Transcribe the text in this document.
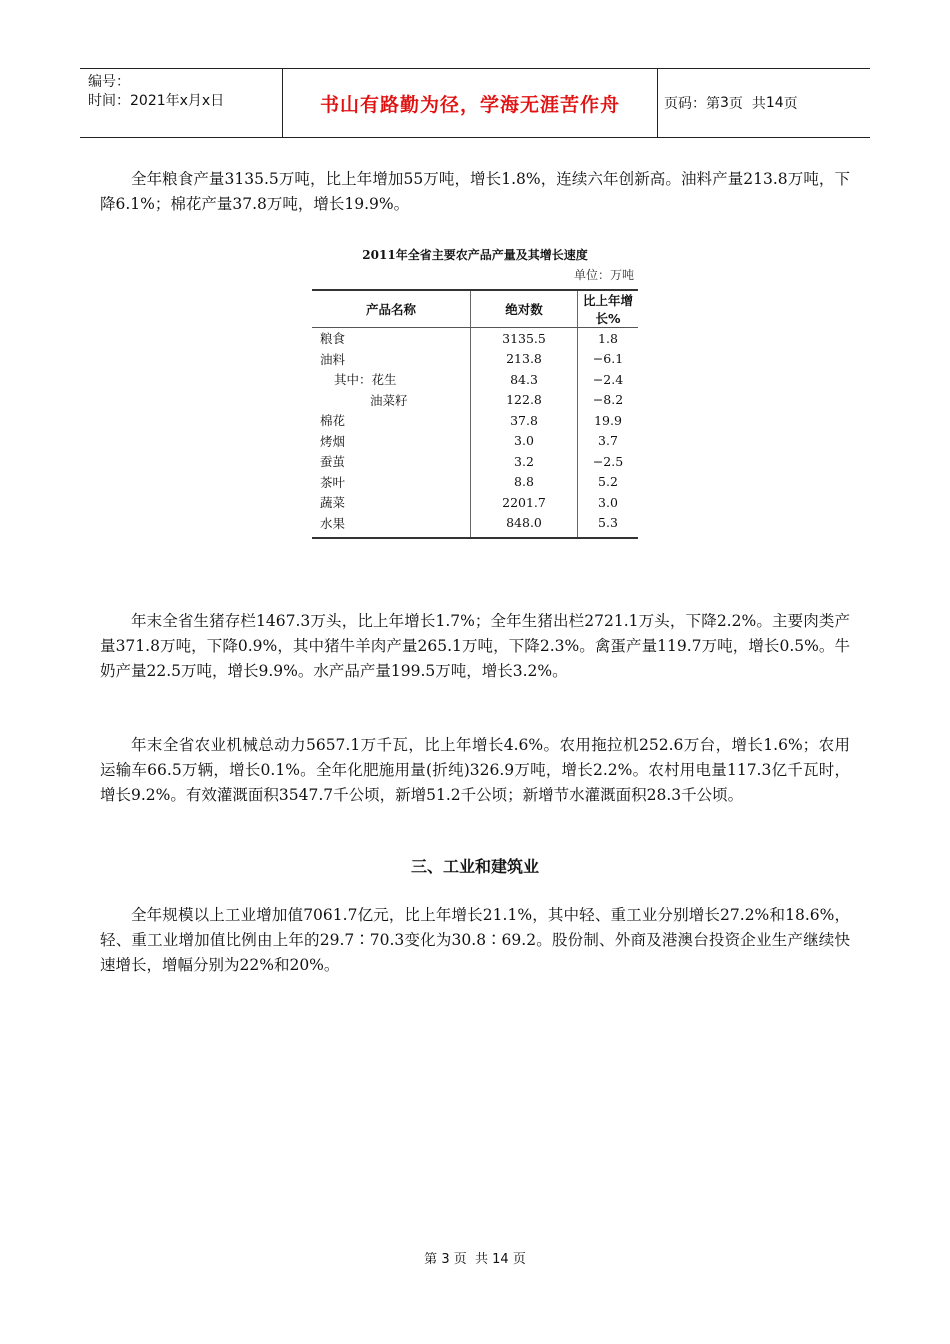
编号：
时间：2021年x月x日	书山有路勤为径，学海无涯苦作舟	页码：第 3 页  共 14 页

全年粮食产量3135.5万吨，比上年增加55万吨，增长1.8%，连续六年创新高。油料产量213.8万吨，下降6.1%；棉花产量37.8万吨，增长19.9%。

2011年全省主要农产品产量及其增长速度
单位：万吨
产品名称	绝对数	比上年增长%
粮食	3135.5	1.8
油料	213.8	−6.1
其中：花生	84.3	−2.4
油菜籽	122.8	−8.2
棉花	37.8	19.9
烤烟	3.0	3.7
蚕茧	3.2	−2.5
茶叶	8.8	5.2
蔬菜	2201.7	3.0
水果	848.0	5.3

年末全省生猪存栏1467.3万头，比上年增长1.7%；全年生猪出栏2721.1万头，下降2.2%。主要肉类产量371.8万吨，下降0.9%，其中猪牛羊肉产量265.1万吨，下降2.3%。禽蛋产量119.7万吨，增长0.5%。牛奶产量22.5万吨，增长9.9%。水产品产量199.5万吨，增长3.2%。

年末全省农业机械总动力5657.1万千瓦，比上年增长4.6%。农用拖拉机252.6万台，增长1.6%；农用运输车66.5万辆，增长0.1%。全年化肥施用量(折纯)326.9万吨，增长2.2%。农村用电量117.3亿千瓦时，增长9.2%。有效灌溉面积3547.7千公顷，新增51.2千公顷；新增节水灌溉面积28.3千公顷。

三、工业和建筑业

全年规模以上工业增加值7061.7亿元，比上年增长21.1%，其中轻、重工业分别增长27.2%和18.6%，轻、重工业增加值比例由上年的29.7∶70.3变化为30.8∶69.2。股份制、外商及港澳台投资企业生产继续快速增长，增幅分别为22%和20%。

第 3 页  共 14 页
